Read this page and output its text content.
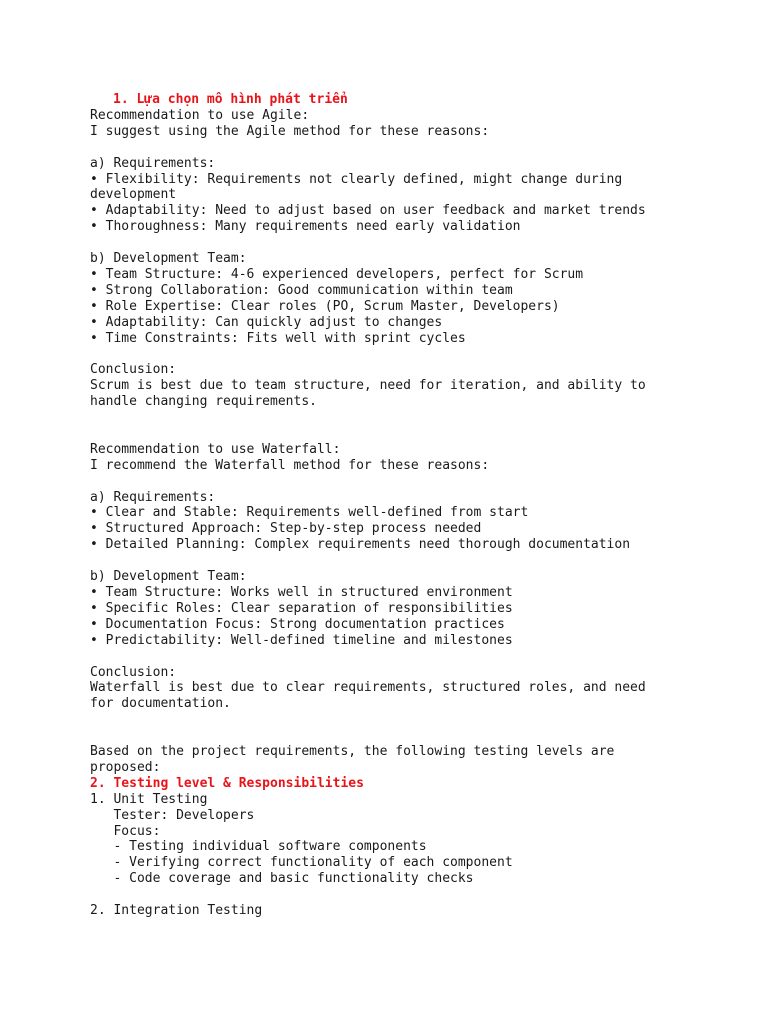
1. Lựa chọn mô hình phát triển
Recommendation to use Agile:
I suggest using the Agile method for these reasons:
a) Requirements:
• Flexibility: Requirements not clearly defined, might change during
development
• Adaptability: Need to adjust based on user feedback and market trends
• Thoroughness: Many requirements need early validation
b) Development Team:
• Team Structure: 4-6 experienced developers, perfect for Scrum
• Strong Collaboration: Good communication within team
• Role Expertise: Clear roles (PO, Scrum Master, Developers)
• Adaptability: Can quickly adjust to changes
• Time Constraints: Fits well with sprint cycles
Conclusion:
Scrum is best due to team structure, need for iteration, and ability to
handle changing requirements.
Recommendation to use Waterfall:
I recommend the Waterfall method for these reasons:
a) Requirements:
• Clear and Stable: Requirements well-defined from start
• Structured Approach: Step-by-step process needed
• Detailed Planning: Complex requirements need thorough documentation
b) Development Team:
• Team Structure: Works well in structured environment
• Specific Roles: Clear separation of responsibilities
• Documentation Focus: Strong documentation practices
• Predictability: Well-defined timeline and milestones
Conclusion:
Waterfall is best due to clear requirements, structured roles, and need
for documentation.
Based on the project requirements, the following testing levels are
proposed:
2. Testing level & Responsibilities
1. Unit Testing
Tester: Developers
Focus:
- Testing individual software components
- Verifying correct functionality of each component
- Code coverage and basic functionality checks
2. Integration Testing
